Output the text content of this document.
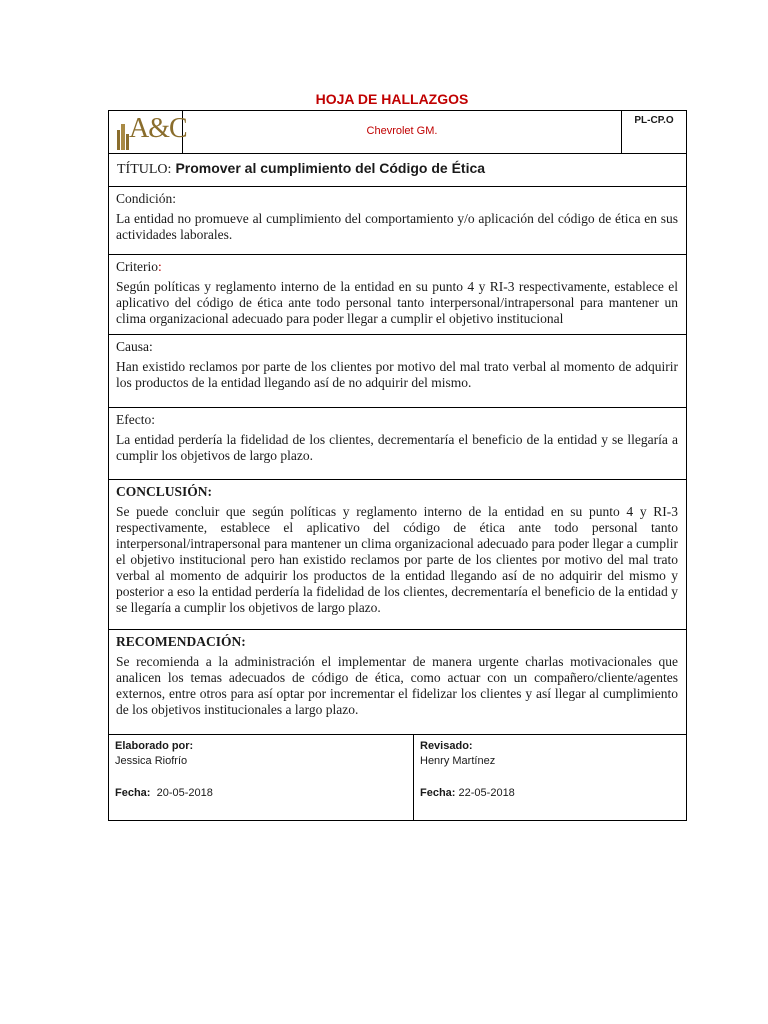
HOJA DE HALLAZGOS
A&C	Chevrolet GM.
PL-CP.O
TÍTULO: Promover al cumplimiento del Código de Ética
Condición:

La entidad no promueve al cumplimiento del comportamiento y/o aplicación del código de ética en sus actividades laborales.

Criterio:

Según políticas y reglamento interno de la entidad en su punto 4 y RI-3 respectivamente, establece el aplicativo del código de ética ante todo personal tanto interpersonal/intrapersonal para mantener un clima organizacional adecuado para poder llegar a cumplir el objetivo institucional

Causa:

Han existido reclamos por parte de los clientes por motivo del mal trato verbal al momento de adquirir los productos de la entidad llegando así de no adquirir del mismo.

Efecto:

La entidad perdería la fidelidad de los clientes, decrementaría el beneficio de la entidad y se llegaría a cumplir los objetivos de largo plazo.

CONCLUSIÓN:

Se puede concluir que según políticas y reglamento interno de la entidad en su punto 4 y RI-3 respectivamente, establece el aplicativo del código de ética ante todo personal tanto interpersonal/intrapersonal para mantener un clima organizacional adecuado para poder llegar a cumplir el objetivo institucional pero han existido reclamos por parte de los clientes por motivo del mal trato verbal al momento de adquirir los productos de la entidad llegando así de no adquirir del mismo y posterior a eso la entidad perdería la fidelidad de los clientes, decrementaría el beneficio de la entidad y se llegaría a cumplir los objetivos de largo plazo.

RECOMENDACIÓN:

Se recomienda a la administración el implementar de manera urgente charlas motivacionales que analicen los temas adecuados de código de ética, como actuar con un compañero/cliente/agentes externos, entre otros para así optar por incrementar el fidelizar los clientes y así llegar al cumplimiento de los objetivos institucionales a largo plazo.

Elaborado por:
Jessica Riofrío
Fecha: 20-05-2018
Revisado:
Henry Martínez
Fecha: 22-05-2018
